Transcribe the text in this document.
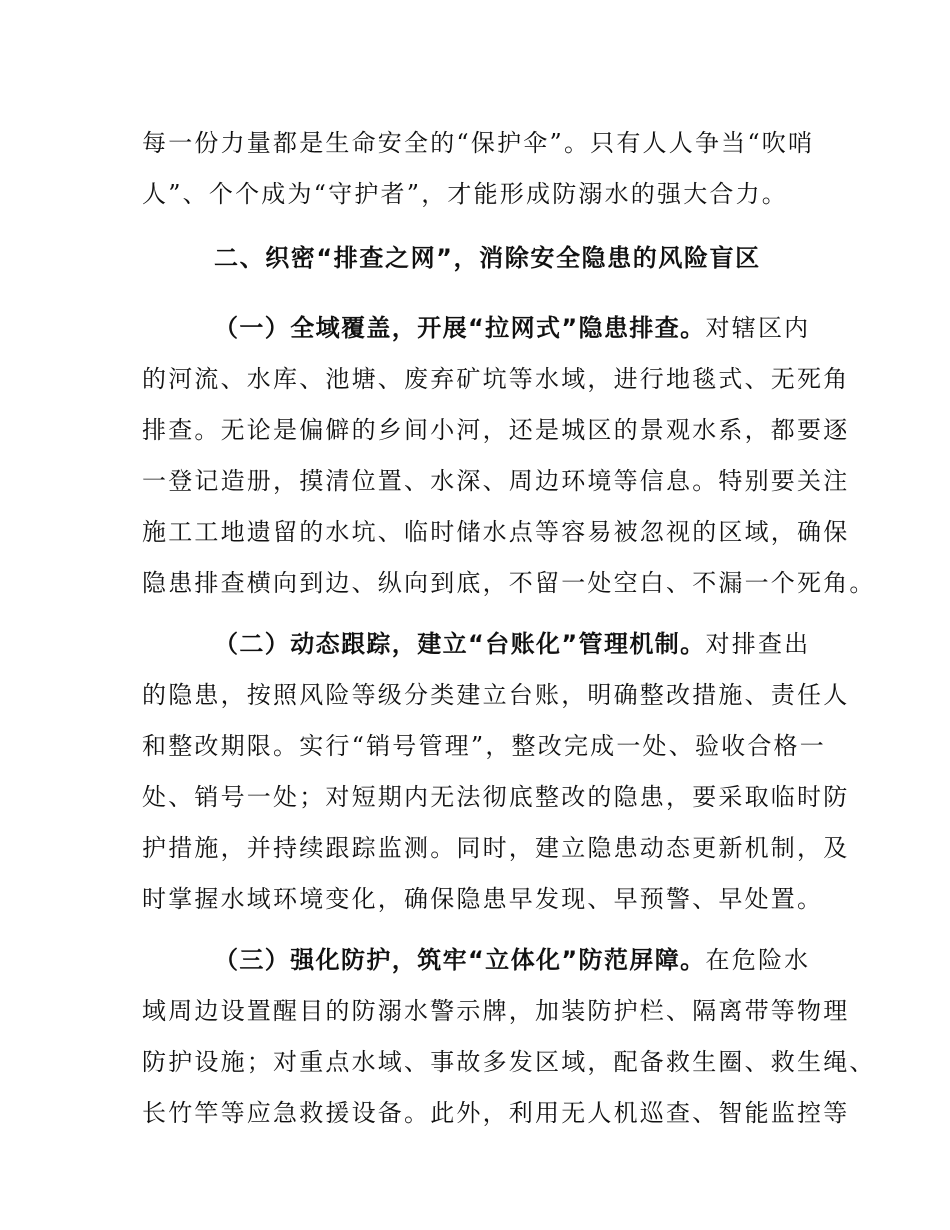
每一份力量都是生命安全的“保护伞”。只有人人争当“吹哨
人”、个个成为“守护者”，才能形成防溺水的强大合力。
二、织密“排查之网”，消除安全隐患的风险盲区
（一）全域覆盖，开展“拉网式”隐患排查。对辖区内
的河流、水库、池塘、废弃矿坑等水域，进行地毯式、无死角
排查。无论是偏僻的乡间小河，还是城区的景观水系，都要逐
一登记造册，摸清位置、水深、周边环境等信息。特别要关注
施工工地遗留的水坑、临时储水点等容易被忽视的区域，确保
隐患排查横向到边、纵向到底，不留一处空白、不漏一个死角。
（二）动态跟踪，建立“台账化”管理机制。对排查出
的隐患，按照风险等级分类建立台账，明确整改措施、责任人
和整改期限。实行“销号管理”，整改完成一处、验收合格一
处、销号一处；对短期内无法彻底整改的隐患，要采取临时防
护措施，并持续跟踪监测。同时，建立隐患动态更新机制，及
时掌握水域环境变化，确保隐患早发现、早预警、早处置。
（三）强化防护，筑牢“立体化”防范屏障。在危险水
域周边设置醒目的防溺水警示牌，加装防护栏、隔离带等物理
防护设施；对重点水域、事故多发区域，配备救生圈、救生绳、
长竹竿等应急救援设备。此外，利用无人机巡查、智能监控等
